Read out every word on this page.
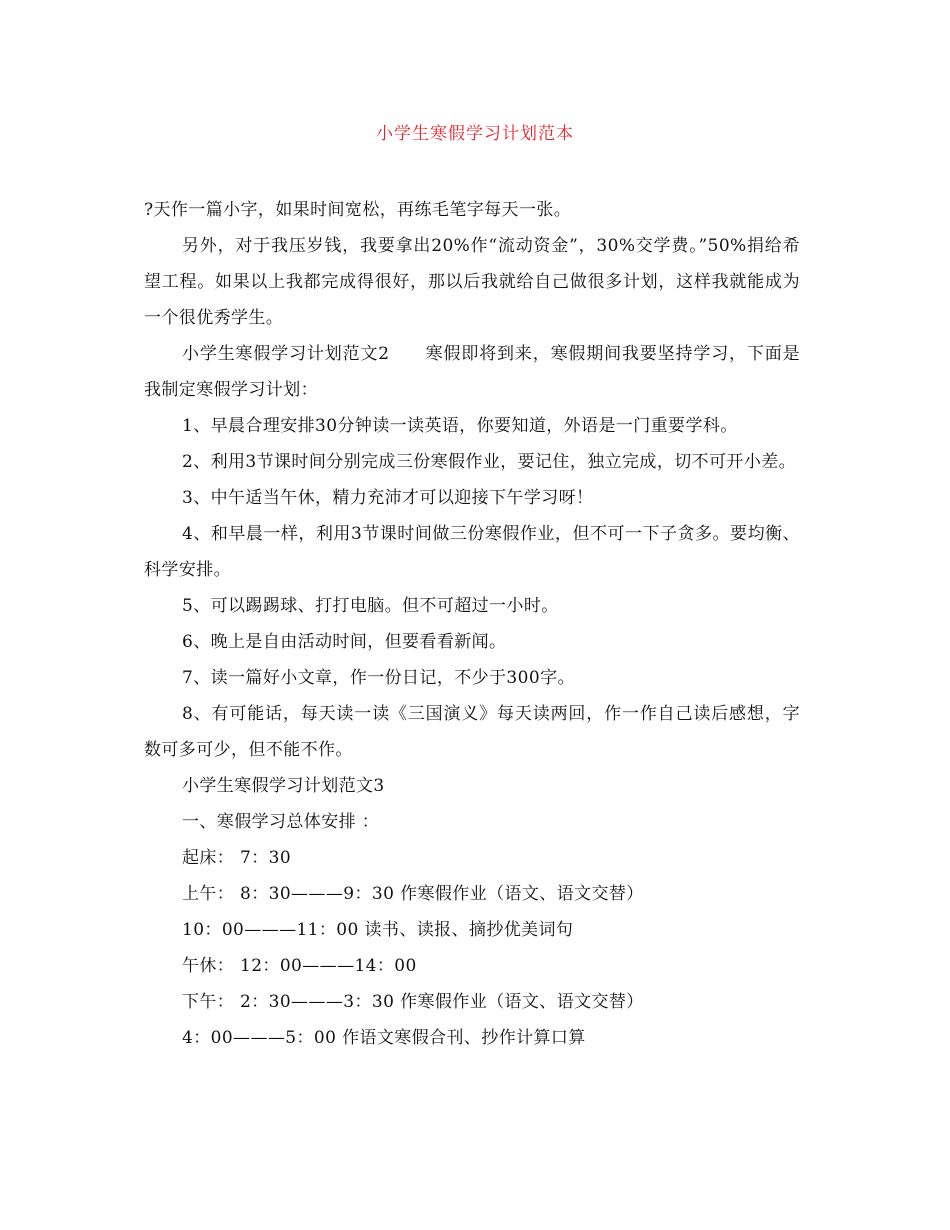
小学生寒假学习计划范本

?天作一篇小字，如果时间宽松，再练毛笔字每天一张。

另外，对于我压岁钱，我要拿出20%作“流动资金”，30%交学费。”50%捐给希望工程。如果以上我都完成得很好，那以后我就给自己做很多计划，这样我就能成为一个很优秀学生。

小学生寒假学习计划范文2　　寒假即将到来，寒假期间我要坚持学习，下面是我制定寒假学习计划：

1、早晨合理安排30分钟读一读英语，你要知道，外语是一门重要学科。

2、利用3节课时间分别完成三份寒假作业，要记住，独立完成，切不可开小差。

3、中午适当午休，精力充沛才可以迎接下午学习呀！

4、和早晨一样，利用3节课时间做三份寒假作业，但不可一下子贪多。要均衡、科学安排。

5、可以踢踢球、打打电脑。但不可超过一小时。

6、晚上是自由活动时间，但要看看新闻。

7、读一篇好小文章，作一份日记，不少于300字。

8、有可能话，每天读一读《三国演义》每天读两回，作一作自己读后感想，字数可多可少，但不能不作。

小学生寒假学习计划范文3

一、寒假学习总体安排 ：

起床： 7：30

上午： 8：30———9：30 作寒假作业（语文、语文交替）

10：00———11：00 读书、读报、摘抄优美词句

午休： 12：00———14：00

下午： 2：30———3：30 作寒假作业（语文、语文交替）

4：00———5：00 作语文寒假合刊、抄作计算口算
